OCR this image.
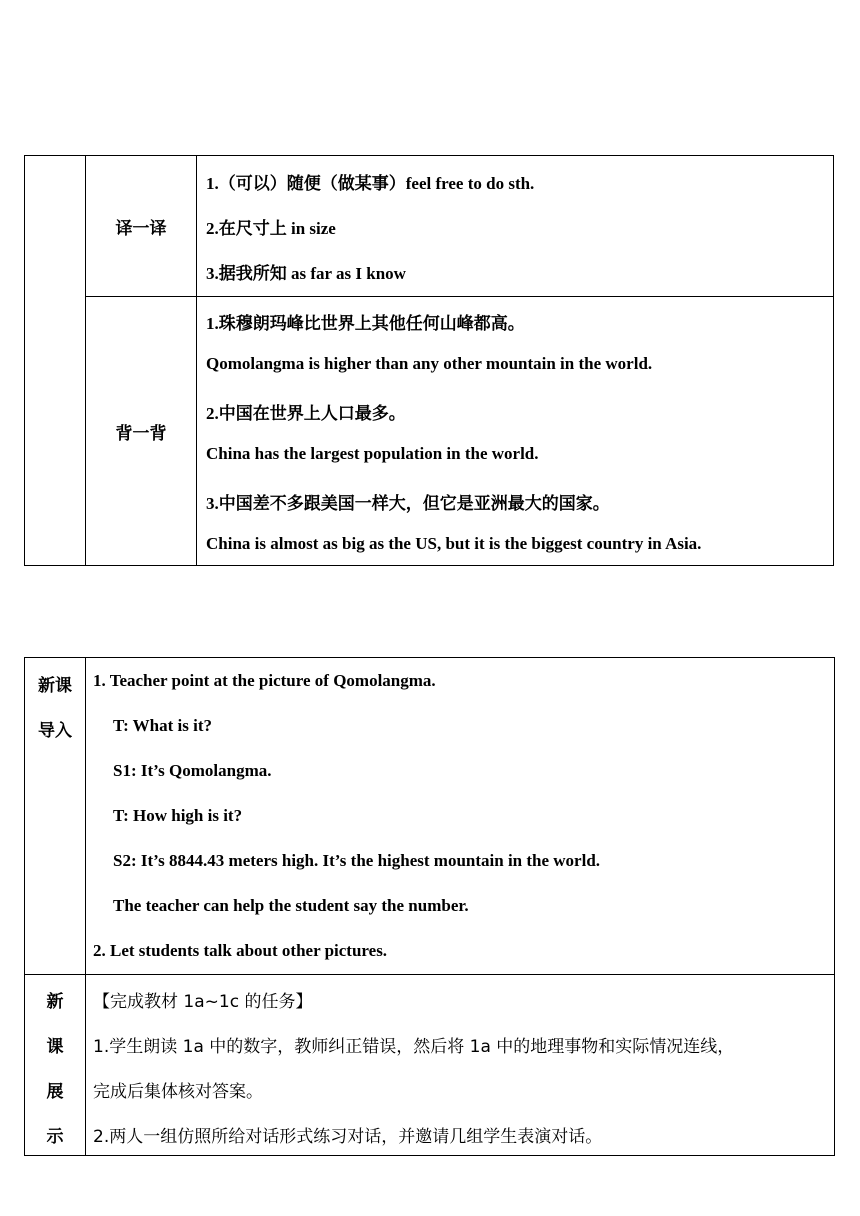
译一译
背一背
1.（可以）随便（做某事）feel free to do sth.
2.在尺寸上 in size
3.据我所知 as far as I know
1.珠穆朗玛峰比世界上其他任何山峰都高。
Qomolangma is higher than any other mountain in the world.
2.中国在世界上人口最多。
China has the largest population in the world.
3.中国差不多跟美国一样大，但它是亚洲最大的国家。
China is almost as big as the US, but it is the biggest country in Asia.
新课
导入
1. Teacher point at the picture of Qomolangma.
T: What is it?
S1: It’s Qomolangma.
T: How high is it?
S2: It’s 8844.43 meters high. It’s the highest mountain in the world.
The teacher can help the student say the number.
2. Let students talk about other pictures.
新
课
展
示
【完成教材 1a~1c 的任务】
1.学生朗读 1a 中的数字，教师纠正错误，然后将 1a 中的地理事物和实际情况连线，
完成后集体核对答案。
2.两人一组仿照所给对话形式练习对话，并邀请几组学生表演对话。
